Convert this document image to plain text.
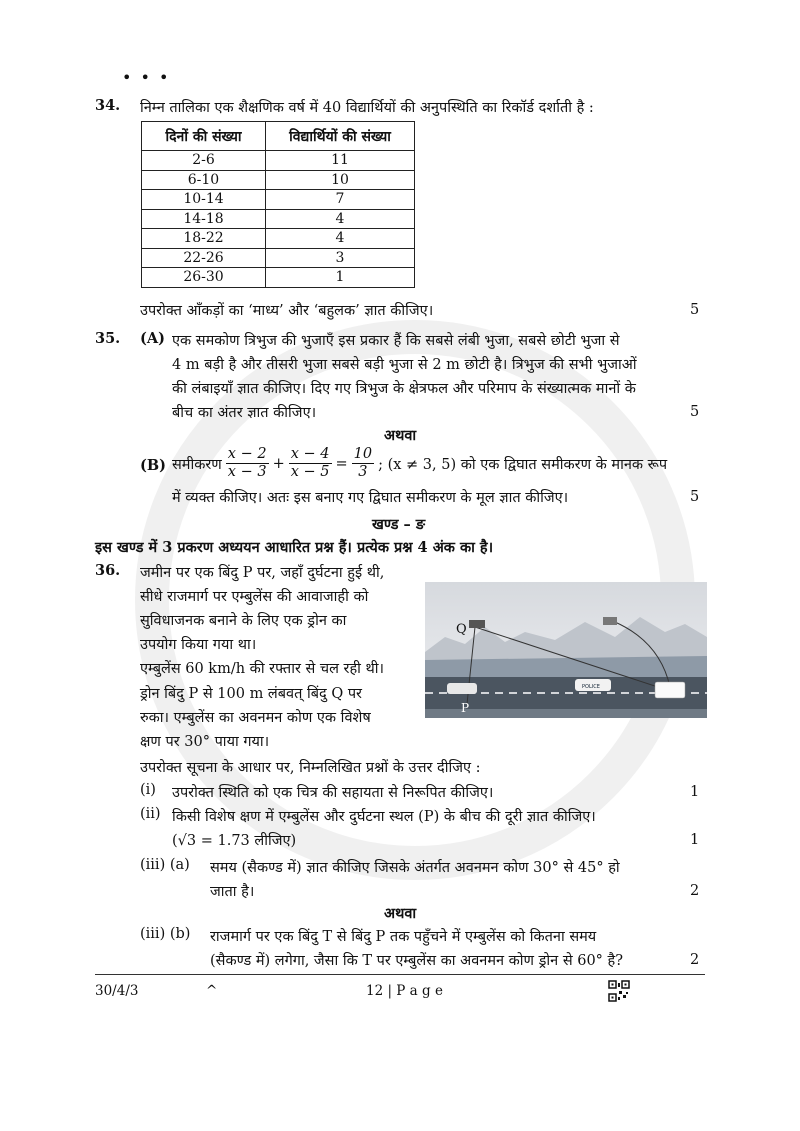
• • •
34. निम्न तालिका एक शैक्षणिक वर्ष में 40 विद्यार्थियों की अनुपस्थिति का रिकॉर्ड दर्शाती है :
दिनों की संख्या	विद्यार्थियों की संख्या
2-6	11
6-10	10
10-14	7
14-18	4
18-22	4
22-26	3
26-30	1
उपरोक्त आँकड़ों का ‘माध्य’ और ‘बहुलक’ ज्ञात कीजिए।	5
35. (A) एक समकोण त्रिभुज की भुजाएँ इस प्रकार हैं कि सबसे लंबी भुजा, सबसे छोटी भुजा से
4 m बड़ी है और तीसरी भुजा सबसे बड़ी भुजा से 2 m छोटी है। त्रिभुज की सभी भुजाओं
की लंबाइयाँ ज्ञात कीजिए। दिए गए त्रिभुज के क्षेत्रफल और परिमाप के संख्यात्मक मानों के
बीच का अंतर ज्ञात कीजिए।	5
अथवा
(B) समीकरण $\frac{x - 2}{x - 3} + \frac{x - 4}{x - 5} = \frac{10}{3}$ ; (x ≠ 3, 5) को एक द्विघात समीकरण के मानक रूप
में व्यक्त कीजिए। अतः इस बनाए गए द्विघात समीकरण के मूल ज्ञात कीजिए।	5
खण्ड – ङ
इस खण्ड में 3 प्रकरण अध्ययन आधारित प्रश्न हैं। प्रत्येक प्रश्न 4 अंक का है।
36. जमीन पर एक बिंदु P पर, जहाँ दुर्घटना हुई थी,
सीधे राजमार्ग पर एम्बुलेंस की आवाजाही को
सुविधाजनक बनाने के लिए एक ड्रोन का
उपयोग किया गया था।
एम्बुलेंस 60 km/h की रफ्तार से चल रही थी।
ड्रोन बिंदु P से 100 m लंबवत् बिंदु Q पर
रुका। एम्बुलेंस का अवनमन कोण एक विशेष
क्षण पर 30° पाया गया।
Q
P
POLICE
उपरोक्त सूचना के आधार पर, निम्नलिखित प्रश्नों के उत्तर दीजिए :
(i) उपरोक्त स्थिति को एक चित्र की सहायता से निरूपित कीजिए।	1
(ii) किसी विशेष क्षण में एम्बुलेंस और दुर्घटना स्थल (P) के बीच की दूरी ज्ञात कीजिए।
(√3 = 1.73 लीजिए)	1
(iii) (a) समय (सैकण्ड में) ज्ञात कीजिए जिसके अंतर्गत अवनमन कोण 30° से 45° हो
जाता है।	2
अथवा
(iii) (b) राजमार्ग पर एक बिंदु T से बिंदु P तक पहुँचने में एम्बुलेंस को कितना समय
(सैकण्ड में) लगेगा, जैसा कि T पर एम्बुलेंस का अवनमन कोण ड्रोन से 60° है?	2
30/4/3	^	12 | P a g e
